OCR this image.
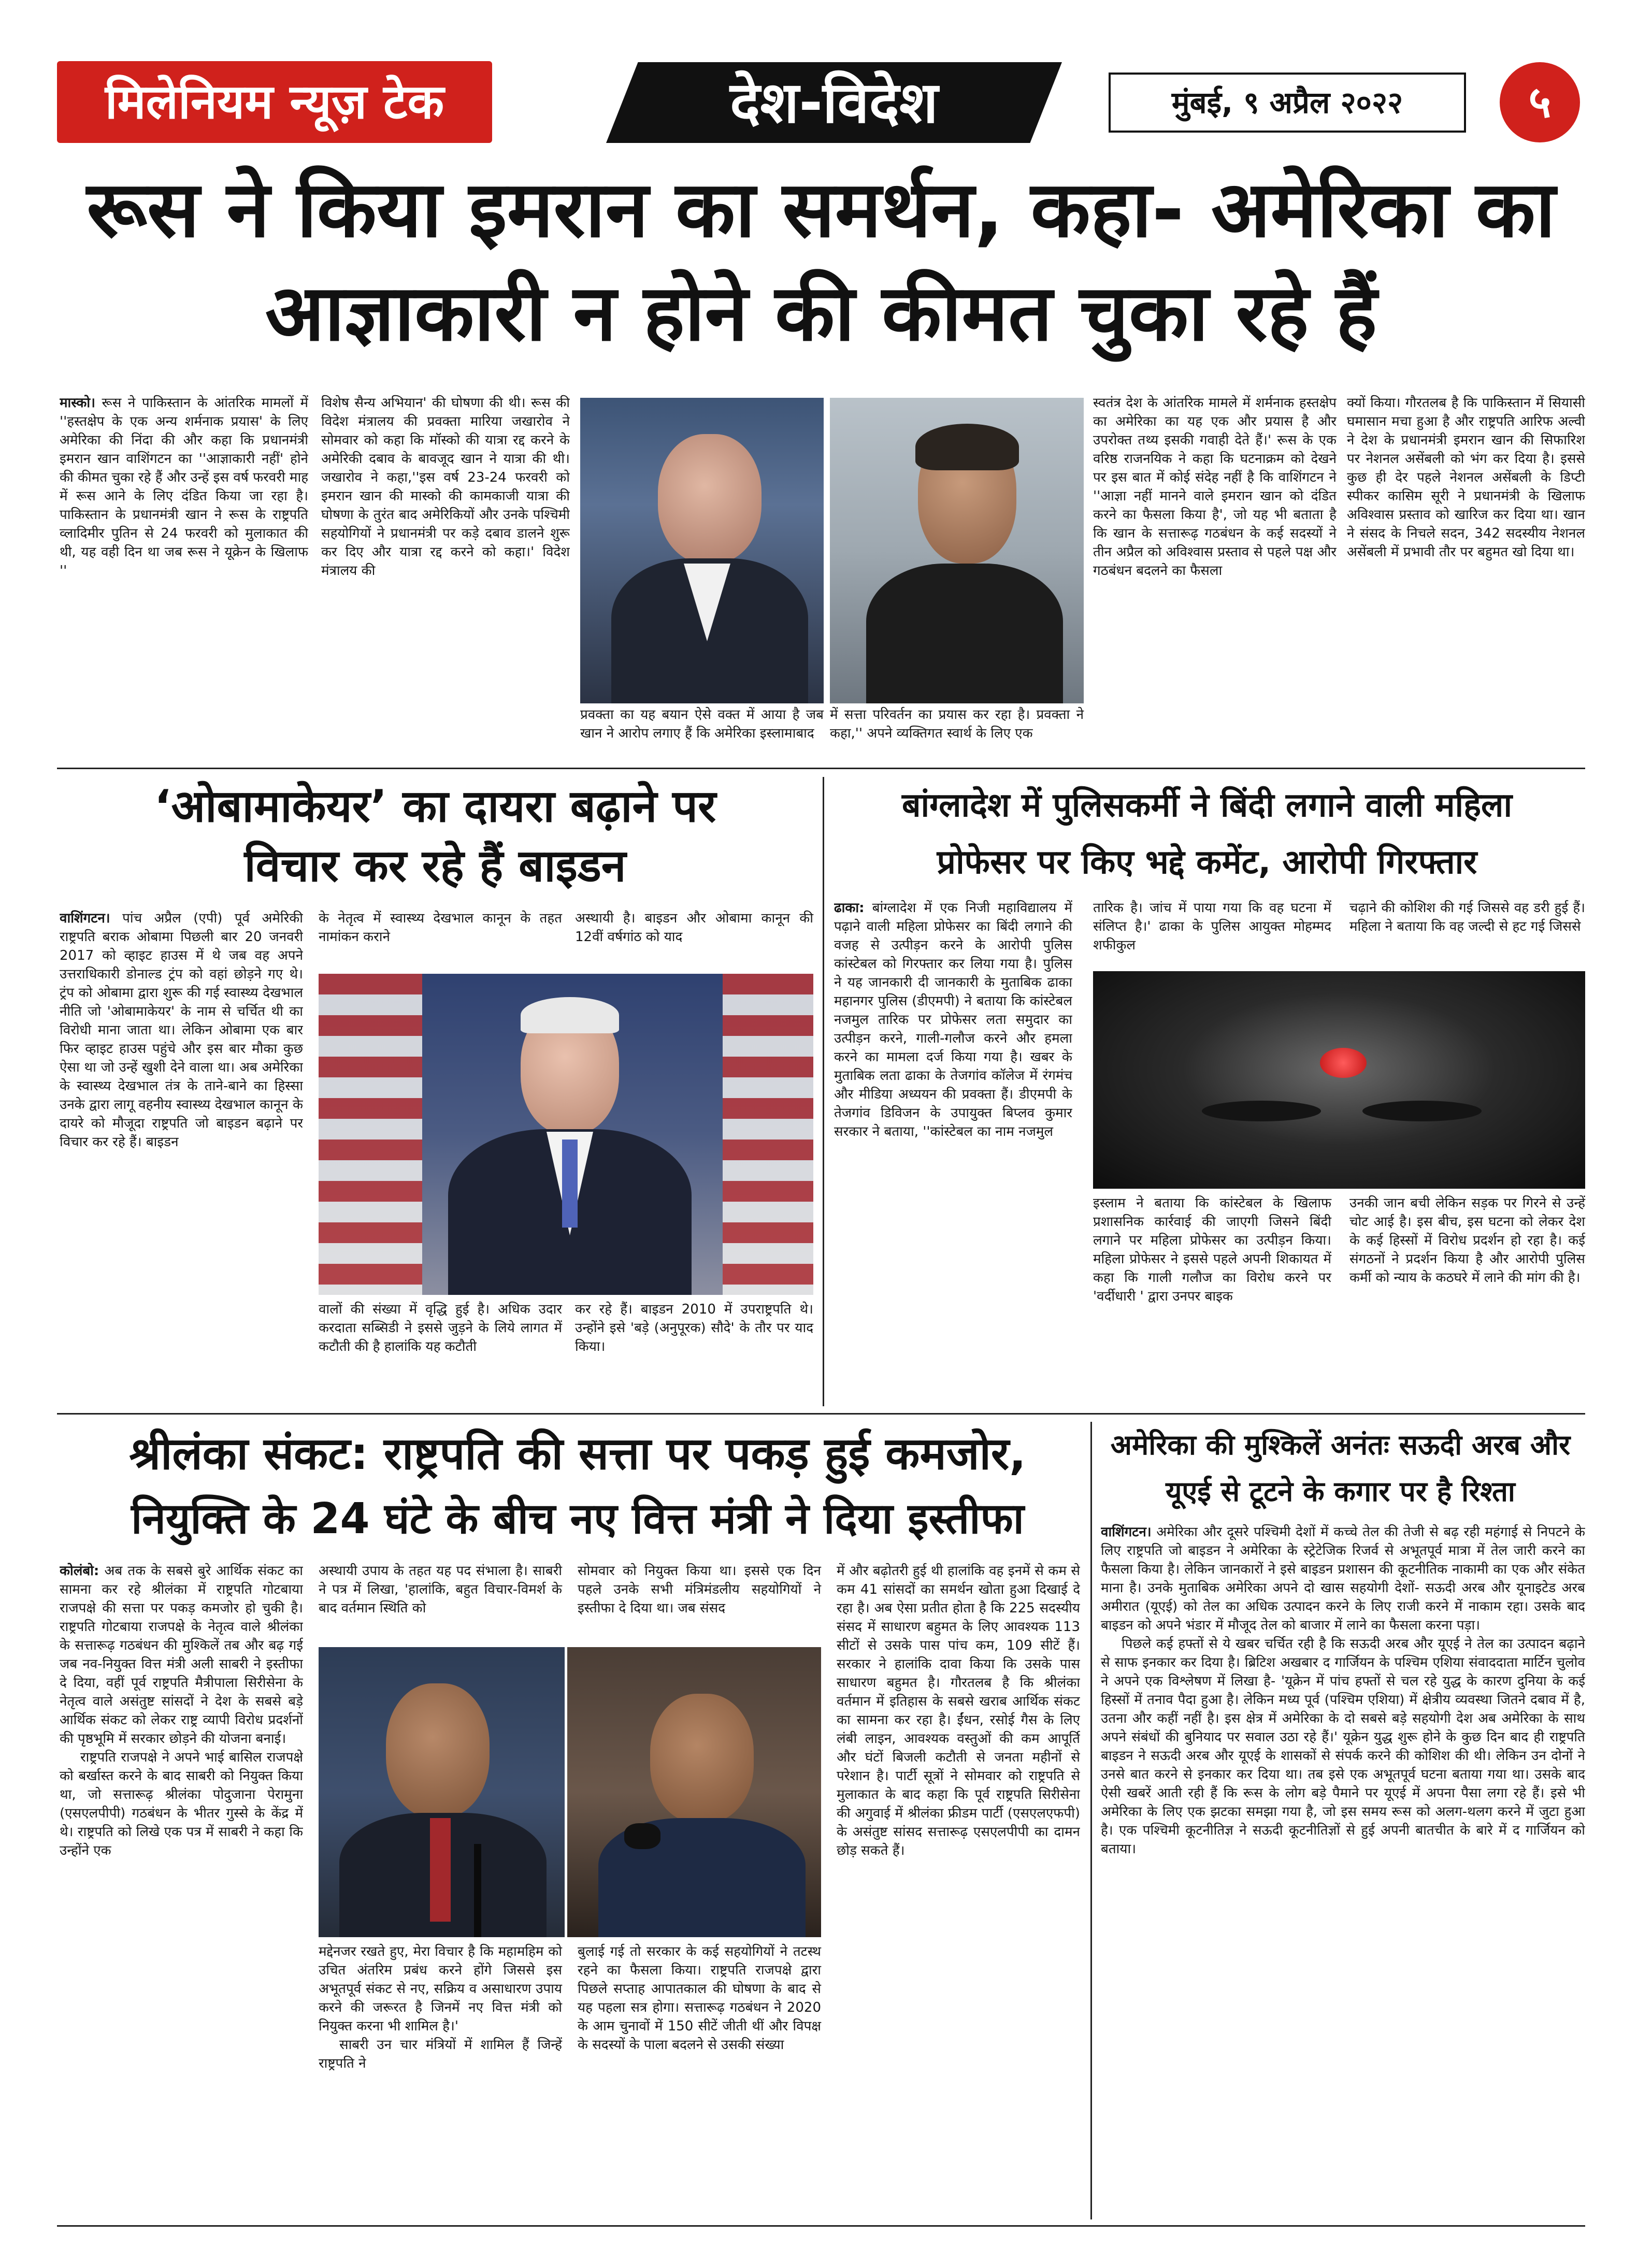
मिलेनियम न्यूज़ टेक	देश-विदेश	मुंबई, ९ अप्रैल २०२२	५
रूस ने किया इमरान का समर्थन, कहा- अमेरिका का
आज्ञाकारी न होने की कीमत चुका रहे हैं

मास्को। रूस ने पाकिस्तान के आंतरिक मामलों में ''हस्तक्षेप के एक अन्य शर्मनाक प्रयास' के लिए अमेरिका की निंदा की और कहा कि प्रधानमंत्री इमरान खान वाशिंगटन का ''आज्ञाकारी नहीं' होने की कीमत चुका रहे हैं और उन्हें इस वर्ष फरवरी माह में रूस आने के लिए दंडित किया जा रहा है। पाकिस्तान के प्रधानमंत्री खान ने रूस के राष्ट्रपति व्लादिमीर पुतिन से 24 फरवरी को मुलाकात की थी, यह वही दिन था जब रूस ने यूक्रेन के खिलाफ ''

विशेष सैन्य अभियान' की घोषणा की थी। रूस की विदेश मंत्रालय की प्रवक्ता मारिया जखारोव ने सोमवार को कहा कि मॉस्को की यात्रा रद्द करने के अमेरिकी दबाव के बावजूद खान ने यात्रा की थी। जखारोव ने कहा,''इस वर्ष 23-24 फरवरी को इमरान खान की मास्को की कामकाजी यात्रा की घोषणा के तुरंत बाद अमेरिकियों और उनके पश्चिमी सहयोगियों ने प्रधानमंत्री पर कड़े दबाव डालने शुरू कर दिए और यात्रा रद्द करने को कहा।' विदेश मंत्रालय की

प्रवक्ता का यह बयान ऐसे वक्त में आया है जब खान ने आरोप लगाए हैं कि अमेरिका इस्लामाबाद
में सत्ता परिवर्तन का प्रयास कर रहा है। प्रवक्ता ने कहा,'' अपने व्यक्तिगत स्वार्थ के लिए एक

स्वतंत्र देश के आंतरिक मामले में शर्मनाक हस्तक्षेप का अमेरिका का यह एक और प्रयास है और उपरोक्त तथ्य इसकी गवाही देते हैं।' रूस के एक वरिष्ठ राजनयिक ने कहा कि घटनाक्रम को देखने पर इस बात में कोई संदेह नहीं है कि वाशिंगटन ने ''आज्ञा नहीं मानने वाले इमरान खान को दंडित करने का फैसला किया है', जो यह भी बताता है कि खान के सत्तारूढ़ गठबंधन के कई सदस्यों ने तीन अप्रैल को अविश्वास प्रस्ताव से पहले पक्ष और गठबंधन बदलने का फैसला

क्यों किया। गौरतलब है कि पाकिस्तान में सियासी घमासान मचा हुआ है और राष्ट्रपति आरिफ अल्वी ने देश के प्रधानमंत्री इमरान खान की सिफारिश पर नेशनल असेंबली को भंग कर दिया है। इससे कुछ ही देर पहले नेशनल असेंबली के डिप्टी स्पीकर कासिम सूरी ने प्रधानमंत्री के खिलाफ अविश्वास प्रस्ताव को खारिज कर दिया था। खान ने संसद के निचले सदन, 342 सदस्यीय नेशनल असेंबली में प्रभावी तौर पर बहुमत खो दिया था।

‘ओबामाकेयर’ का दायरा बढ़ाने पर
विचार कर रहे हैं बाइडन

वाशिंगटन। पांच अप्रैल (एपी) पूर्व अमेरिकी राष्ट्रपति बराक ओबामा पिछली बार 20 जनवरी 2017 को व्हाइट हाउस में थे जब वह अपने उत्तराधिकारी डोनाल्ड ट्रंप को वहां छोड़ने गए थे। ट्रंप को ओबामा द्वारा शुरू की गई स्वास्थ्य देखभाल नीति जो 'ओबामाकेयर' के नाम से चर्चित थी का विरोधी माना जाता था। लेकिन ओबामा एक बार फिर व्हाइट हाउस पहुंचे और इस बार मौका कुछ ऐसा था जो उन्हें खुशी देने वाला था। अब अमेरिका के स्वास्थ्य देखभाल तंत्र के ताने-बाने का हिस्सा उनके द्वारा लागू वहनीय स्वास्थ्य देखभाल कानून के दायरे को मौजूदा राष्ट्रपति जो बाइडन बढ़ाने पर विचार कर रहे हैं। बाइडन

के नेतृत्व में स्वास्थ्य देखभाल कानून के तहत नामांकन कराने
अस्थायी है। बाइडन और ओबामा कानून की 12वीं वर्षगांठ को याद
वालों की संख्या में वृद्धि हुई है। अधिक उदार करदाता सब्सिडी ने इससे जुड़ने के लिये लागत में कटौती की है हालांकि यह कटौती
कर रहे हैं। बाइडन 2010 में उपराष्ट्रपति थे। उन्होंने इसे 'बड़े (अनुपूरक) सौदे' के तौर पर याद किया।
बांग्लादेश में पुलिसकर्मी ने बिंदी लगाने वाली महिला
प्रोफेसर पर किए भद्दे कमेंट, आरोपी गिरफ्तार

ढाका: बांग्लादेश में एक निजी महाविद्यालय में पढ़ाने वाली महिला प्रोफेसर का बिंदी लगाने की वजह से उत्पीड़न करने के आरोपी पुलिस कांस्टेबल को गिरफ्तार कर लिया गया है। पुलिस ने यह जानकारी दी जानकारी के मुताबिक ढाका महानगर पुलिस (डीएमपी) ने बताया कि कांस्टेबल नजमुल तारिक पर प्रोफेसर लता समुदार का उत्पीड़न करने, गाली-गलौज करने और हमला करने का मामला दर्ज किया गया है। खबर के मुताबिक लता ढाका के तेजगांव कॉलेज में रंगमंच और मीडिया अध्ययन की प्रवक्ता हैं। डीएमपी के तेजगांव डिविजन के उपायुक्त बिप्लव कुमार सरकार ने बताया, ''कांस्टेबल का नाम नजमुल

तारिक है। जांच में पाया गया कि वह घटना में संलिप्त है।' ढाका के पुलिस आयुक्त मोहम्मद शफीकुल
चढ़ाने की कोशिश की गई जिससे वह डरी हुई हैं। महिला ने बताया कि वह जल्दी से हट गई जिससे
इस्लाम ने बताया कि कांस्टेबल के खिलाफ प्रशासनिक कार्रवाई की जाएगी जिसने बिंदी लगाने पर महिला प्रोफेसर का उत्पीड़न किया। महिला प्रोफेसर ने इससे पहले अपनी शिकायत में कहा कि गाली गलौज का विरोध करने पर 'वर्दीधारी ' द्वारा उनपर बाइक
उनकी जान बची लेकिन सड़क पर गिरने से उन्हें चोट आई है। इस बीच, इस घटना को लेकर देश के कई हिस्सों में विरोध प्रदर्शन हो रहा है। कई संगठनों ने प्रदर्शन किया है और आरोपी पुलिस कर्मी को न्याय के कठघरे में लाने की मांग की है।
श्रीलंका संकट: राष्ट्रपति की सत्ता पर पकड़ हुई कमजोर,
नियुक्ति के 24 घंटे के बीच नए वित्त मंत्री ने दिया इस्तीफा

कोलंबो: अब तक के सबसे बुरे आर्थिक संकट का सामना कर रहे श्रीलंका में राष्ट्रपति गोटबाया राजपक्षे की सत्ता पर पकड़ कमजोर हो चुकी है। राष्ट्रपति गोटबाया राजपक्षे के नेतृत्व वाले श्रीलंका के सत्तारूढ़ गठबंधन की मुश्किलें तब और बढ़ गई जब नव-नियुक्त वित्त मंत्री अली साबरी ने इस्तीफा दे दिया, वहीं पूर्व राष्ट्रपति मैत्रीपाला सिरीसेना के नेतृत्व वाले असंतुष्ट सांसदों ने देश के सबसे बड़े आर्थिक संकट को लेकर राष्ट्र व्यापी विरोध प्रदर्शनों की पृष्ठभूमि में सरकार छोड़ने की योजना बनाई।

राष्ट्रपति राजपक्षे ने अपने भाई बासिल राजपक्षे को बर्खास्त करने के बाद साबरी को नियुक्त किया था, जो सत्तारूढ़ श्रीलंका पोदुजाना पेरामुना (एसएलपीपी) गठबंधन के भीतर गुस्से के केंद्र में थे। राष्ट्रपति को लिखे एक पत्र में साबरी ने कहा कि उन्होंने एक

अस्थायी उपाय के तहत यह पद संभाला है। साबरी ने पत्र में लिखा, 'हालांकि, बहुत विचार-विमर्श के बाद वर्तमान स्थिति को
सोमवार को नियुक्त किया था। इससे एक दिन पहले उनके सभी मंत्रिमंडलीय सहयोगियों ने इस्तीफा दे दिया था। जब संसद

मद्देनजर रखते हुए, मेरा विचार है कि महामहिम को उचित अंतरिम प्रबंध करने होंगे जिससे इस अभूतपूर्व संकट से नए, सक्रिय व असाधारण उपाय करने की जरूरत है जिनमें नए वित्त मंत्री को नियुक्त करना भी शामिल है।'

साबरी उन चार मंत्रियों में शामिल हैं जिन्हें राष्ट्रपति ने

बुलाई गई तो सरकार के कई सहयोगियों ने तटस्थ रहने का फैसला किया। राष्ट्रपति राजपक्षे द्वारा पिछले सप्ताह आपातकाल की घोषणा के बाद से यह पहला सत्र होगा। सत्तारूढ़ गठबंधन ने 2020 के आम चुनावों में 150 सीटें जीती थीं और विपक्ष के सदस्यों के पाला बदलने से उसकी संख्या

में और बढ़ोतरी हुई थी हालांकि वह इनमें से कम से कम 41 सांसदों का समर्थन खोता हुआ दिखाई दे रहा है। अब ऐसा प्रतीत होता है कि 225 सदस्यीय संसद में साधारण बहुमत के लिए आवश्यक 113 सीटों से उसके पास पांच कम, 109 सीटें हैं। सरकार ने हालांकि दावा किया कि उसके पास साधारण बहुमत है। गौरतलब है कि श्रीलंका वर्तमान में इतिहास के सबसे खराब आर्थिक संकट का सामना कर रहा है। ईंधन, रसोई गैस के लिए लंबी लाइन, आवश्यक वस्तुओं की कम आपूर्ति और घंटों बिजली कटौती से जनता महीनों से परेशान है। पार्टी सूत्रों ने सोमवार को राष्ट्रपति से मुलाकात के बाद कहा कि पूर्व राष्ट्रपति सिरीसेना की अगुवाई में श्रीलंका फ्रीडम पार्टी (एसएलएफपी) के असंतुष्ट सांसद सत्तारूढ़ एसएलपीपी का दामन छोड़ सकते हैं।

अमेरिका की मुश्किलें अनंतः सऊदी अरब और
यूएई से टूटने के कगार पर है रिश्ता

वाशिंगटन। अमेरिका और दूसरे पश्चिमी देशों में कच्चे तेल की तेजी से बढ़ रही महंगाई से निपटने के लिए राष्ट्रपति जो बाइडन ने अमेरिका के स्ट्रेटेजिक रिजर्व से अभूतपूर्व मात्रा में तेल जारी करने का फैसला किया है। लेकिन जानकारों ने इसे बाइडन प्रशासन की कूटनीतिक नाकामी का एक और संकेत माना है। उनके मुताबिक अमेरिका अपने दो खास सहयोगी देशों- सऊदी अरब और यूनाइटेड अरब अमीरात (यूएई) को तेल का अधिक उत्पादन करने के लिए राजी करने में नाकाम रहा। उसके बाद बाइडन को अपने भंडार में मौजूद तेल को बाजार में लाने का फैसला करना पड़ा।

पिछले कई हफ्तों से ये खबर चर्चित रही है कि सऊदी अरब और यूएई ने तेल का उत्पादन बढ़ाने से साफ इनकार कर दिया है। ब्रिटिश अखबार द गार्जियन के पश्चिम एशिया संवाददाता मार्टिन चुलोव ने अपने एक विश्लेषण में लिखा है- 'यूक्रेन में पांच हफ्तों से चल रहे युद्ध के कारण दुनिया के कई हिस्सों में तनाव पैदा हुआ है। लेकिन मध्य पूर्व (पश्चिम एशिया) में क्षेत्रीय व्यवस्था जितने दबाव में है, उतना और कहीं नहीं है। इस क्षेत्र में अमेरिका के दो सबसे बड़े सहयोगी देश अब अमेरिका के साथ अपने संबंधों की बुनियाद पर सवाल उठा रहे हैं।' यूक्रेन युद्ध शुरू होने के कुछ दिन बाद ही राष्ट्रपति बाइडन ने सऊदी अरब और यूएई के शासकों से संपर्क करने की कोशिश की थी। लेकिन उन दोनों ने उनसे बात करने से इनकार कर दिया था। तब इसे एक अभूतपूर्व घटना बताया गया था। उसके बाद ऐसी खबरें आती रही हैं कि रूस के लोग बड़े पैमाने पर यूएई में अपना पैसा लगा रहे हैं। इसे भी अमेरिका के लिए एक झटका समझा गया है, जो इस समय रूस को अलग-थलग करने में जुटा हुआ है। एक पश्चिमी कूटनीतिज्ञ ने सऊदी कूटनीतिज्ञों से हुई अपनी बातचीत के बारे में द गार्जियन को बताया।
